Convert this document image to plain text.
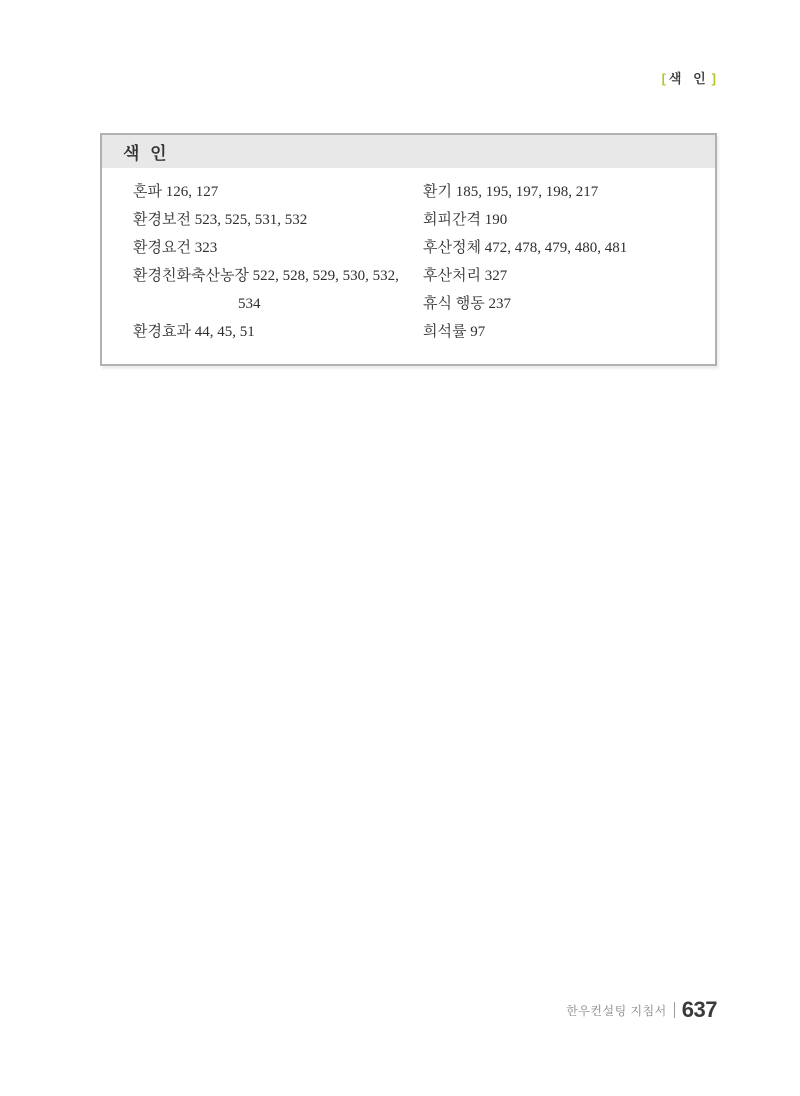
[ 색 인 ]
색 인
혼파 126, 127
환경보전 523, 525, 531, 532
환경요건 323
환경친화축산농장 522, 528, 529, 530, 532,
534
환경효과 44, 45, 51
환기 185, 195, 197, 198, 217
회피간격 190
후산정체 472, 478, 479, 480, 481
후산처리 327
휴식 행동 237
희석률 97
한우컨설팅 지침서 637
